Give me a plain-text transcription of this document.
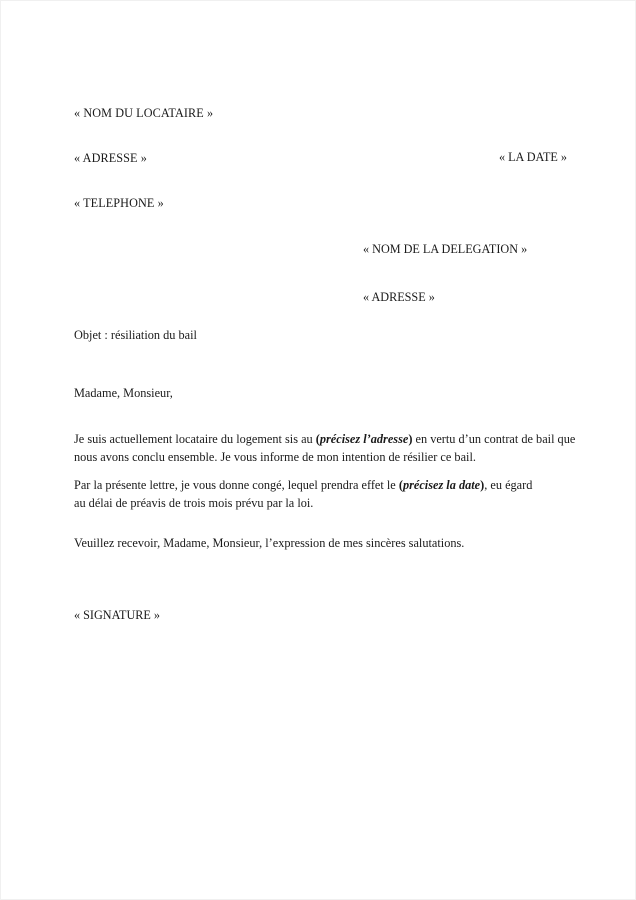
« NOM DU LOCATAIRE »

« ADRESSE »

« TELEPHONE »

« LA DATE »

« NOM DE LA DELEGATION »

« ADRESSE »

Objet : résiliation du bail
Madame, Monsieur,
Je suis actuellement locataire du logement sis au (précisez l’adresse) en vertu d’un contrat de bail que nous avons conclu ensemble. Je vous informe de mon intention de résilier ce bail.
Par la présente lettre, je vous donne congé, lequel prendra effet le (précisez la date), eu égard au délai de préavis de trois mois prévu par la loi.
Veuillez recevoir, Madame, Monsieur, l’expression de mes sincères salutations.
« SIGNATURE »
